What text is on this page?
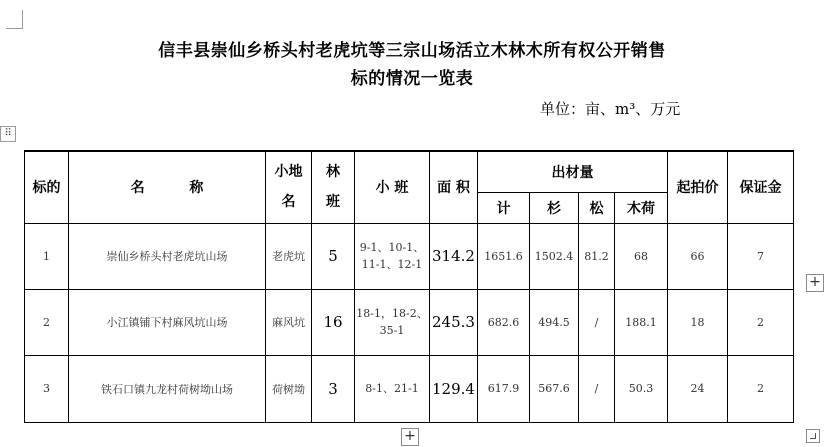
信丰县崇仙乡桥头村老虎坑等三宗山场活立木林木所有权公开销售
标的情况一览表
单位：亩、m³、万元
⠿
标的	名 称	小地名	林班	小 班	面 积	出材量				起拍价	保证金
						计	杉	松	木荷		
1	崇仙乡桥头村老虎坑山场	老虎坑	5	9-1、10-1、11-1、12-1	314.2	1651.6	1502.4	81.2	68	66	7
2	小江镇铺下村麻风坑山场	麻风坑	16	18-1，18-2、35-1	245.3	682.6	494.5	/	188.1	18	2
3	铁石口镇九龙村荷树坳山场	荷树坳	3	8-1、21-1	129.4	617.9	567.6	/	50.3	24	2
+
+
